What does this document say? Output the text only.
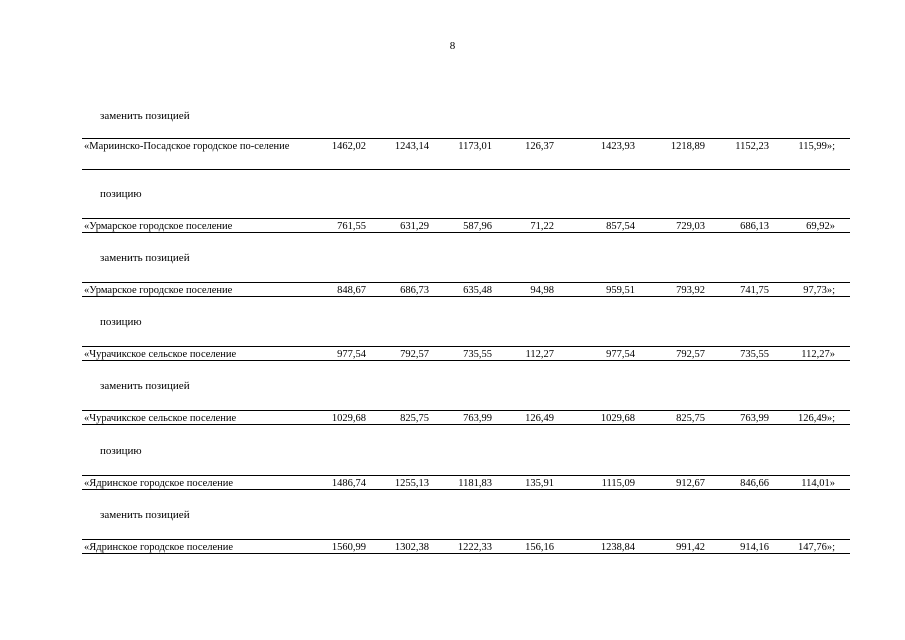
8
заменить позицией
«Мариинско-Посадское городское по-селение	1462,02	1243,14	1173,01	126,37	1423,93	1218,89	1152,23	115,99»;
позицию
«Урмарское городское поселение	761,55	631,29	587,96	71,22	857,54	729,03	686,13	69,92»
заменить позицией
«Урмарское городское поселение	848,67	686,73	635,48	94,98	959,51	793,92	741,75	97,73»;
позицию
«Чурачикское сельское поселение	977,54	792,57	735,55	112,27	977,54	792,57	735,55	112,27»
заменить позицией
«Чурачикское сельское поселение	1029,68	825,75	763,99	126,49	1029,68	825,75	763,99	126,49»;
позицию
«Ядринское городское поселение	1486,74	1255,13	1181,83	135,91	1115,09	912,67	846,66	114,01»
заменить позицией
«Ядринское городское поселение	1560,99	1302,38	1222,33	156,16	1238,84	991,42	914,16	147,76»;
